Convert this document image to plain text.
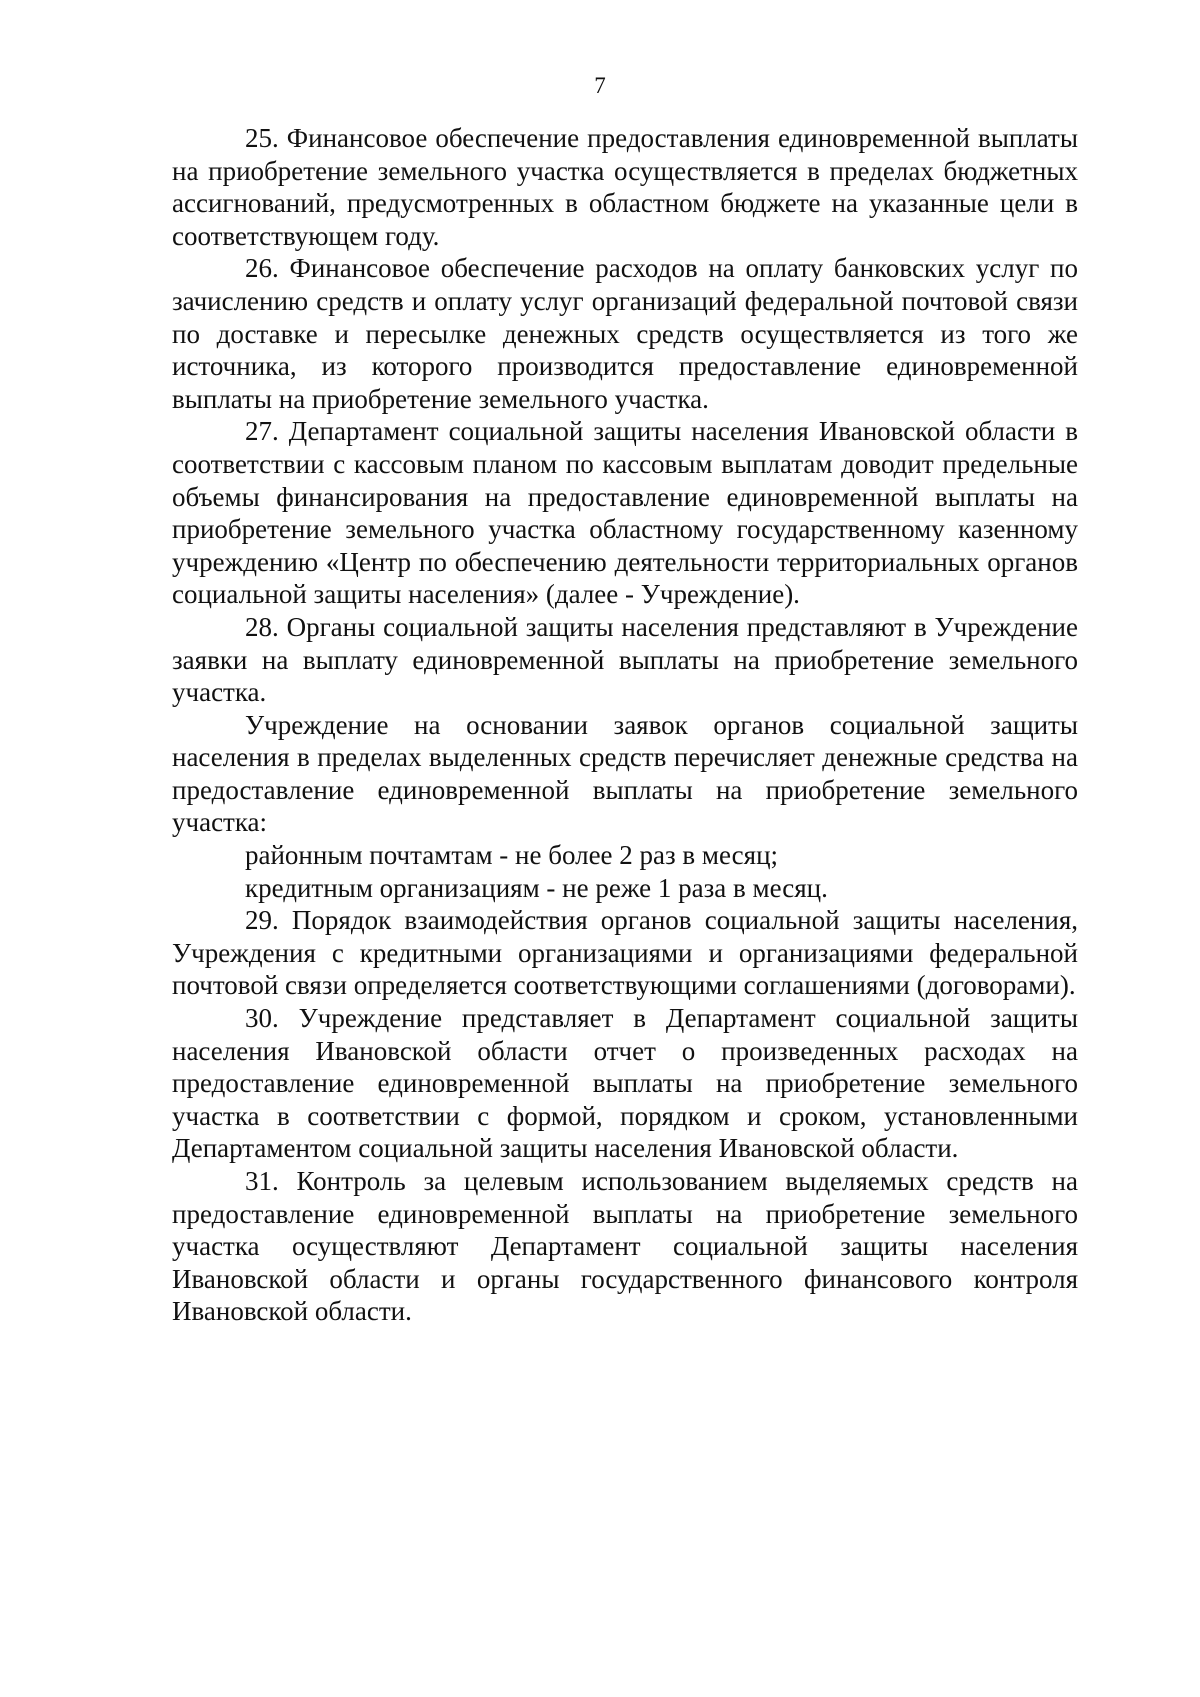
7

25. Финансовое обеспечение предоставления единовременной выплаты на приобретение земельного участка осуществляется в пределах бюджетных ассигнований, предусмотренных в областном бюджете на указанные цели в соответствующем году.

26. Финансовое обеспечение расходов на оплату банковских услуг по зачислению средств и оплату услуг организаций федеральной почтовой связи по доставке и пересылке денежных средств осуществляется из того же источника, из которого производится предоставление единовременной выплаты на приобретение земельного участка.

27. Департамент социальной защиты населения Ивановской области в соответствии с кассовым планом по кассовым выплатам доводит предельные объемы финансирования на предоставление единовременной выплаты на приобретение земельного участка областному государственному казенному учреждению «Центр по обеспечению деятельности территориальных органов социальной защиты населения» (далее - Учреждение).

28. Органы социальной защиты населения представляют в Учреждение заявки на выплату единовременной выплаты на приобретение земельного участка.

Учреждение на основании заявок органов социальной защиты населения в пределах выделенных средств перечисляет денежные средства на предоставление единовременной выплаты на приобретение земельного участка:

районным почтамтам - не более 2 раз в месяц;

кредитным организациям - не реже 1 раза в месяц.

29. Порядок взаимодействия органов социальной защиты населения, Учреждения с кредитными организациями и организациями федеральной почтовой связи определяется соответствующими соглашениями (договорами).

30. Учреждение представляет в Департамент социальной защиты населения Ивановской области отчет о произведенных расходах на предоставление единовременной выплаты на приобретение земельного участка в соответствии с формой, порядком и сроком, установленными Департаментом социальной защиты населения Ивановской области.

31. Контроль за целевым использованием выделяемых средств на предоставление единовременной выплаты на приобретение земельного участка осуществляют Департамент социальной защиты населения Ивановской области и органы государственного финансового контроля Ивановской области.
